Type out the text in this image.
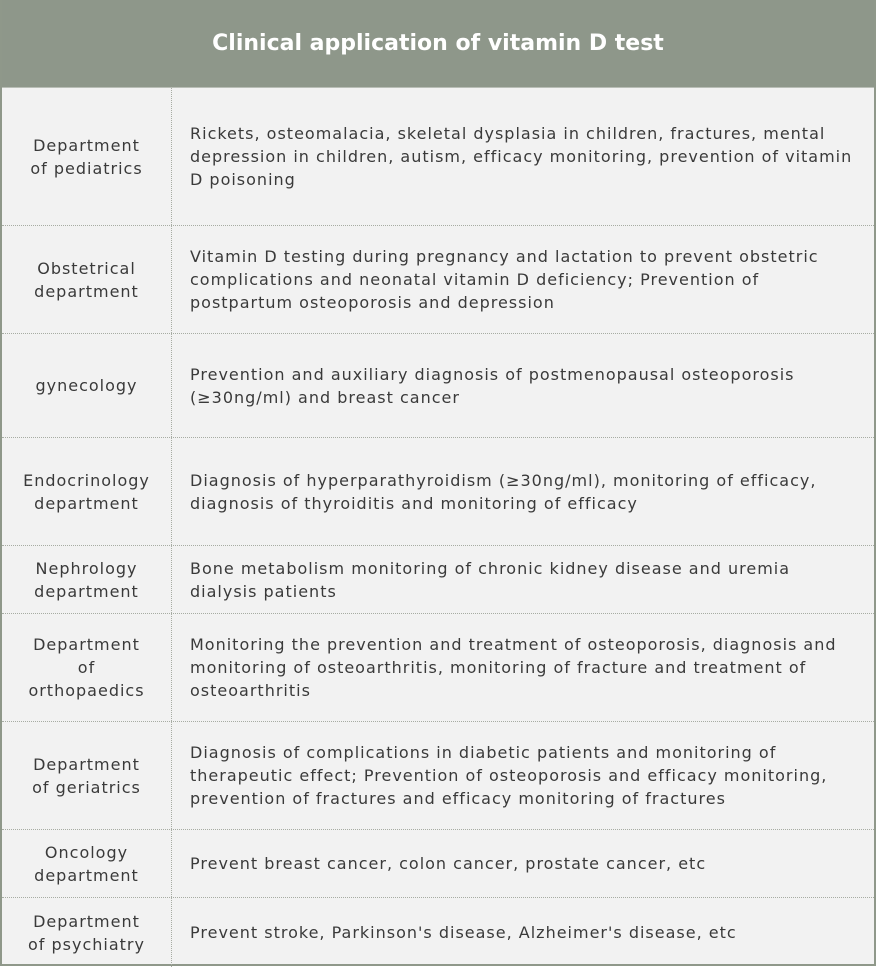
Clinical application of vitamin D test
Department of pediatrics
Rickets, osteomalacia, skeletal dysplasia in children, fractures, mental depression in children, autism, efficacy monitoring, prevention of vitamin D poisoning
Obstetrical department
Vitamin D testing during pregnancy and lactation to prevent obstetric complications and neonatal vitamin D deficiency; Prevention of postpartum osteoporosis and depression
gynecology
Prevention and auxiliary diagnosis of postmenopausal osteoporosis (≥30ng/ml) and breast cancer
Endocrinology department
Diagnosis of hyperparathyroidism (≥30ng/ml), monitoring of efficacy, diagnosis of thyroiditis and monitoring of efficacy
Nephrology department
Bone metabolism monitoring of chronic kidney disease and uremia dialysis patients
Department of orthopaedics
Monitoring the prevention and treatment of osteoporosis, diagnosis and monitoring of osteoarthritis, monitoring of fracture and treatment of osteoarthritis
Department of geriatrics
Diagnosis of complications in diabetic patients and monitoring of therapeutic effect; Prevention of osteoporosis and efficacy monitoring, prevention of fractures and efficacy monitoring of fractures
Oncology department
Prevent breast cancer, colon cancer, prostate cancer, etc
Department of psychiatry
Prevent stroke, Parkinson's disease, Alzheimer's disease, etc
